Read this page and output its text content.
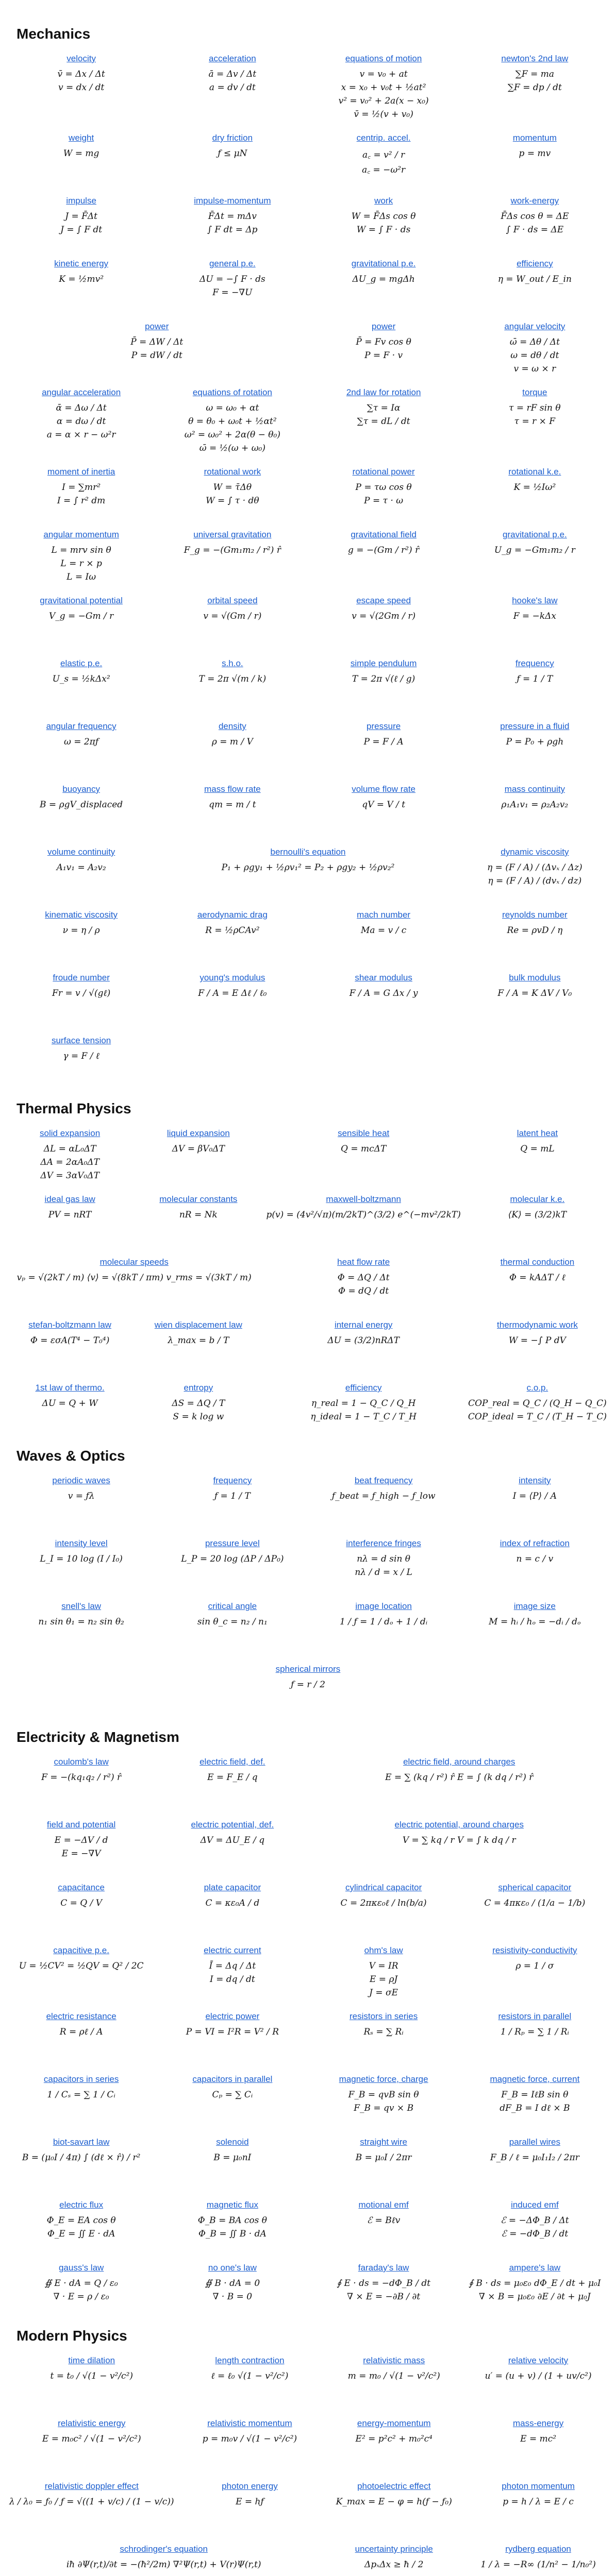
Mechanics
velocity
v̄ = Δx / Δt
v = dx / dt
acceleration
ā = Δv / Δt
a = dv / dt
equations of motion
v = v₀ + at
x = x₀ + v₀t + ½at²
v² = v₀² + 2a(x − x₀)
v̄ = ½(v + v₀)
newton's 2nd law
∑F = ma
∑F = dp / dt
weight
W = mg
dry friction
ƒ ≤ μN
centrip. accel.
a꜀ = v² / r
a꜀ = −ω²r
momentum
p = mv
impulse
J = F̄Δt
J = ∫ F dt
impulse-momentum
F̄Δt = mΔv
∫ F dt = Δp
work
W = F̄Δs cos θ
W = ∫ F · ds
work-energy
F̄Δs cos θ = ΔE
∫ F · ds = ΔE
kinetic energy
K = ½mv²
general p.e.
ΔU = −∫ F · ds
F = −∇U
gravitational p.e.
ΔU_g = mgΔh
efficiency
η = W_out / E_in
power
P̄ = ΔW / Δt
P = dW / dt
power
P̄ = Fv cos θ
P = F · v
angular velocity
ω̄ = Δθ / Δt
ω = dθ / dt
v = ω × r
angular acceleration
ᾱ = Δω / Δt
α = dω / dt
a = α × r − ω²r
equations of rotation
ω = ω₀ + αt
θ = θ₀ + ω₀t + ½αt²
ω² = ω₀² + 2α(θ − θ₀)
ω̄ = ½(ω + ω₀)
2nd law for rotation
∑τ = Iα
∑τ = dL / dt
torque
τ = rF sin θ
τ = r × F
moment of inertia
I = ∑mr²
I = ∫ r² dm
rotational work
W = τ̄Δθ
W = ∫ τ · dθ
rotational power
P = τω cos θ
P = τ · ω
rotational k.e.
K = ½Iω²
angular momentum
L = mrv sin θ
L = r × p
L = Iω
universal gravitation
F_g = −(Gm₁m₂ / r²) r̂
gravitational field
g = −(Gm / r²) r̂
gravitational p.e.
U_g = −Gm₁m₂ / r
gravitational potential
V_g = −Gm / r
orbital speed
v = √(Gm / r)
escape speed
v = √(2Gm / r)
hooke's law
F = −kΔx
elastic p.e.
U_s = ½kΔx²
s.h.o.
T = 2π √(m / k)
simple pendulum
T = 2π √(ℓ / g)
frequency
ƒ = 1 / T
angular frequency
ω = 2πƒ
density
ρ = m / V
pressure
P = F / A
pressure in a fluid
P = P₀ + ρgh
buoyancy
B = ρgV_displaced
mass flow rate
qm = m / t
volume flow rate
qV = V / t
mass continuity
ρ₁A₁v₁ = ρ₂A₂v₂
volume continuity
A₁v₁ = A₂v₂
bernoulli's equation
P₁ + ρgy₁ + ½ρv₁² = P₂ + ρgy₂ + ½ρv₂²
dynamic viscosity
η = (F / A) / (Δvₓ / Δz)
η = (F / A) / (dvₓ / dz)
kinematic viscosity
ν = η / ρ
aerodynamic drag
R = ½ρCAv²
mach number
Ma = v / c
reynolds number
Re = ρvD / η
froude number
Fr = v / √(gℓ)
young's modulus
F / A = E Δℓ / ℓ₀
shear modulus
F / A = G Δx / y
bulk modulus
F / A = K ΔV / V₀
surface tension
γ = F / ℓ
Thermal Physics
solid expansion
ΔL = αL₀ΔT
ΔA = 2αA₀ΔT
ΔV = 3αV₀ΔT
liquid expansion
ΔV = βV₀ΔT
sensible heat
Q = mcΔT
latent heat
Q = mL
ideal gas law
PV = nRT
molecular constants
nR = Nk
maxwell-boltzmann
p(v) = (4v²/√π)(m/2kT)^(3/2) e^(−mv²/2kT)
molecular k.e.
⟨K⟩ = (3/2)kT
molecular speeds
vₚ = √(2kT / m) ⟨v⟩ = √(8kT / πm) v_rms = √(3kT / m)
heat flow rate
Φ = ΔQ / Δt
Φ = dQ / dt
thermal conduction
Φ = kAΔT / ℓ
stefan-boltzmann law
Φ = εσA(T⁴ − T₀⁴)
wien displacement law
λ_max = b / T
internal energy
ΔU = (3/2)nRΔT
thermodynamic work
W = −∫ P dV
1st law of thermo.
ΔU = Q + W
entropy
ΔS = ΔQ / T
S = k log w
efficiency
η_real = 1 − Q_C / Q_H
η_ideal = 1 − T_C / T_H
c.o.p.
COP_real = Q_C / (Q_H − Q_C)
COP_ideal = T_C / (T_H − T_C)
Waves & Optics
periodic waves
v = ƒλ
frequency
ƒ = 1 / T
beat frequency
ƒ_beat = ƒ_high − ƒ_low
intensity
I = ⟨P⟩ / A
intensity level
L_I = 10 log (I / I₀)
pressure level
L_P = 20 log (ΔP / ΔP₀)
interference fringes
nλ = d sin θ
nλ / d = x / L
index of refraction
n = c / v
snell's law
n₁ sin θ₁ = n₂ sin θ₂
critical angle
sin θ_c = n₂ / n₁
image location
1 / ƒ = 1 / dₒ + 1 / dᵢ
image size
M = hᵢ / hₒ = −dᵢ / dₒ
spherical mirrors
ƒ = r / 2
Electricity & Magnetism
coulomb's law
F = −(kq₁q₂ / r²) r̂
electric field, def.
E = F_E / q
electric field, around charges
E = ∑ (kq / r²) r̂ E = ∫ (k dq / r²) r̂
field and potential
E = −ΔV / d
E = −∇V
electric potential, def.
ΔV = ΔU_E / q
electric potential, around charges
V = ∑ kq / r V = ∫ k dq / r
capacitance
C = Q / V
plate capacitor
C = κε₀A / d
cylindrical capacitor
C = 2πκε₀ℓ / ln(b/a)
spherical capacitor
C = 4πκε₀ / (1/a − 1/b)
capacitive p.e.
U = ½CV² = ½QV = Q² / 2C
electric current
Ī = Δq / Δt
I = dq / dt
ohm's law
V = IR
E = ρJ
J = σE
resistivity-conductivity
ρ = 1 / σ
electric resistance
R = ρℓ / A
electric power
P = VI = I²R = V² / R
resistors in series
Rₛ = ∑ Rᵢ
resistors in parallel
1 / Rₚ = ∑ 1 / Rᵢ
capacitors in series
1 / Cₛ = ∑ 1 / Cᵢ
capacitors in parallel
Cₚ = ∑ Cᵢ
magnetic force, charge
F_B = qvB sin θ
F_B = qv × B
magnetic force, current
F_B = IℓB sin θ
dF_B = I dℓ × B
biot-savart law
B = (μ₀I / 4π) ∫ (dℓ × r̂) / r²
solenoid
B = μ₀nI
straight wire
B = μ₀I / 2πr
parallel wires
F_B / ℓ = μ₀I₁I₂ / 2πr
electric flux
Φ_E = EA cos θ
Φ_E = ∬ E · dA
magnetic flux
Φ_B = BA cos θ
Φ_B = ∬ B · dA
motional emf
ℰ = Bℓv
induced emf
ℰ = −ΔΦ_B / Δt
ℰ = −dΦ_B / dt
gauss's law
∯ E · dA = Q / ε₀
∇ · E = ρ / ε₀
no one's law
∯ B · dA = 0
∇ · B = 0
faraday's law
∮ E · ds = −dΦ_B / dt
∇ × E = −∂B / ∂t
ampere's law
∮ B · ds = μ₀ε₀ dΦ_E / dt + μ₀I
∇ × B = μ₀ε₀ ∂E / ∂t + μ₀J
Modern Physics
time dilation
t = t₀ / √(1 − v²/c²)
length contraction
ℓ = ℓ₀ √(1 − v²/c²)
relativistic mass
m = m₀ / √(1 − v²/c²)
relative velocity
u′ = (u + v) / (1 + uv/c²)
relativistic energy
E = m₀c² / √(1 − v²/c²)
relativistic momentum
p = m₀v / √(1 − v²/c²)
energy-momentum
E² = p²c² + m₀²c⁴
mass-energy
E = mc²
relativistic doppler effect
λ / λ₀ = ƒ₀ / ƒ = √((1 + v/c) / (1 − v/c))
photon energy
E = hƒ
photoelectric effect
K_max = E − φ = h(ƒ − ƒ₀)
photon momentum
p = h / λ = E / c
schrodinger's equation
iħ ∂Ψ(r,t)/∂t = −(ħ²/2m) ∇²Ψ(r,t) + V(r)Ψ(r,t)
uncertainty principle
ΔpₓΔx ≥ ħ / 2
rydberg equation
1 / λ = −R∞ (1/n² − 1/n₀²)
